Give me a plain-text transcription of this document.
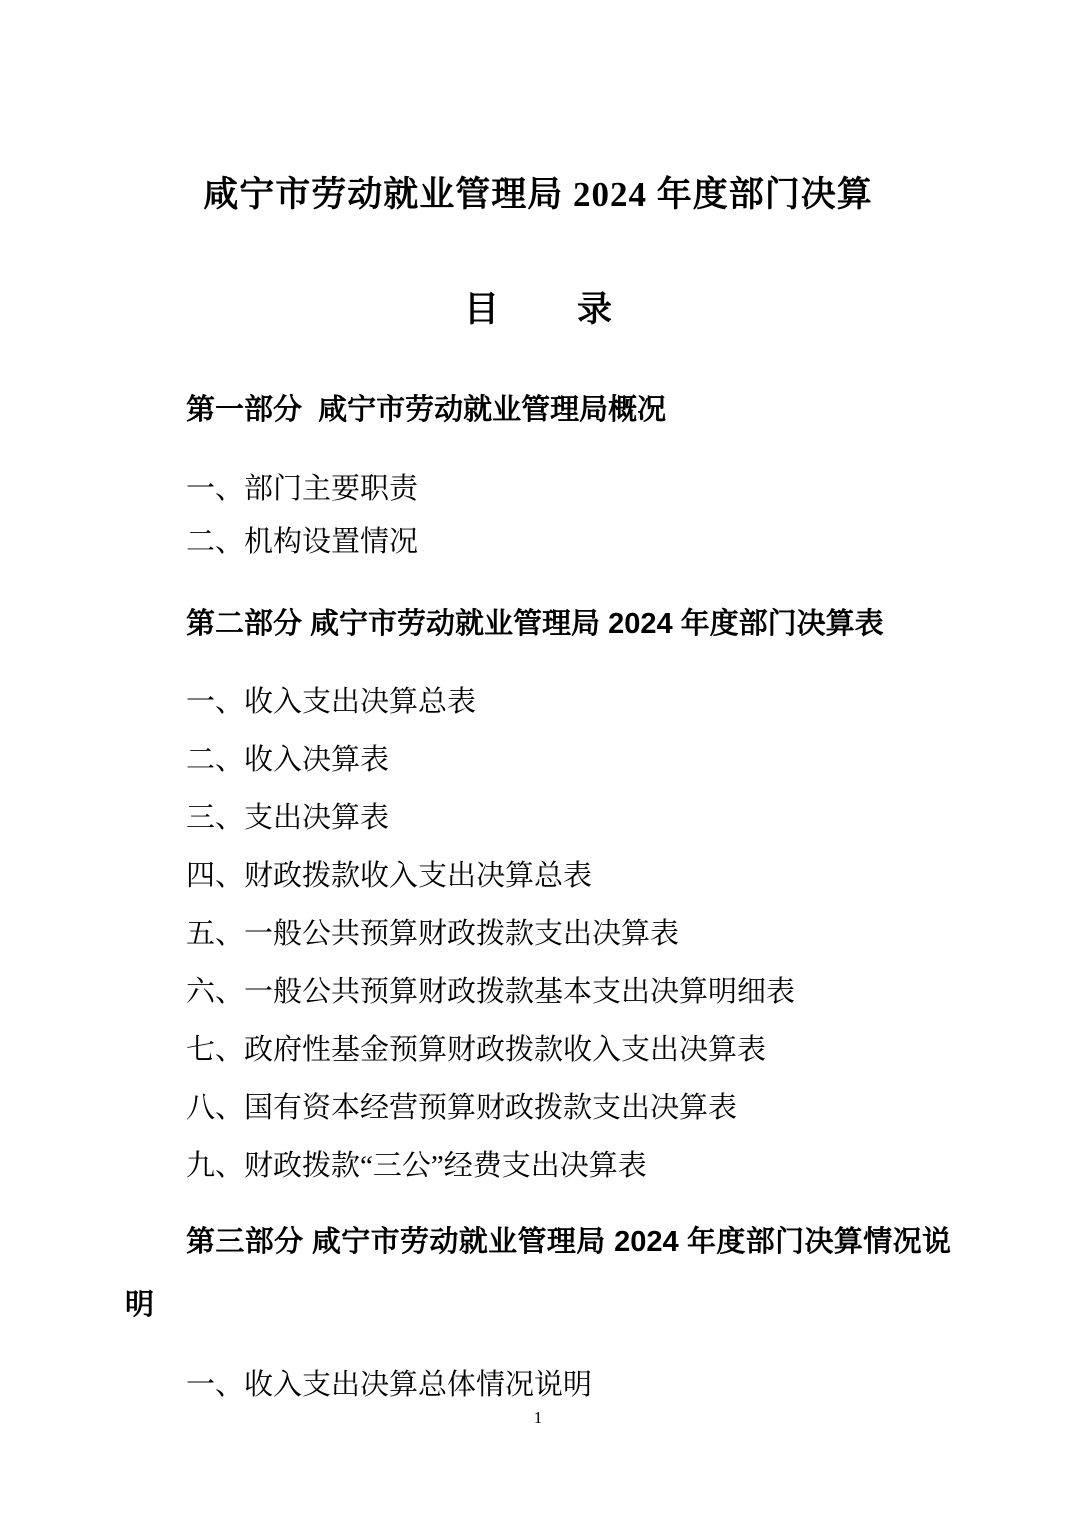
咸宁市劳动就业管理局 2024 年度部门决算
目 录
第一部分  咸宁市劳动就业管理局概况

一、部门主要职责

二、机构设置情况

第二部分 咸宁市劳动就业管理局 2024 年度部门决算表

一、收入支出决算总表

二、收入决算表

三、支出决算表

四、财政拨款收入支出决算总表

五、一般公共预算财政拨款支出决算表

六、一般公共预算财政拨款基本支出决算明细表

七、政府性基金预算财政拨款收入支出决算表

八、国有资本经营预算财政拨款支出决算表

九、财政拨款“三公”经费支出决算表

第三部分 咸宁市劳动就业管理局 2024 年度部门决算情况说明

一、收入支出决算总体情况说明

1
